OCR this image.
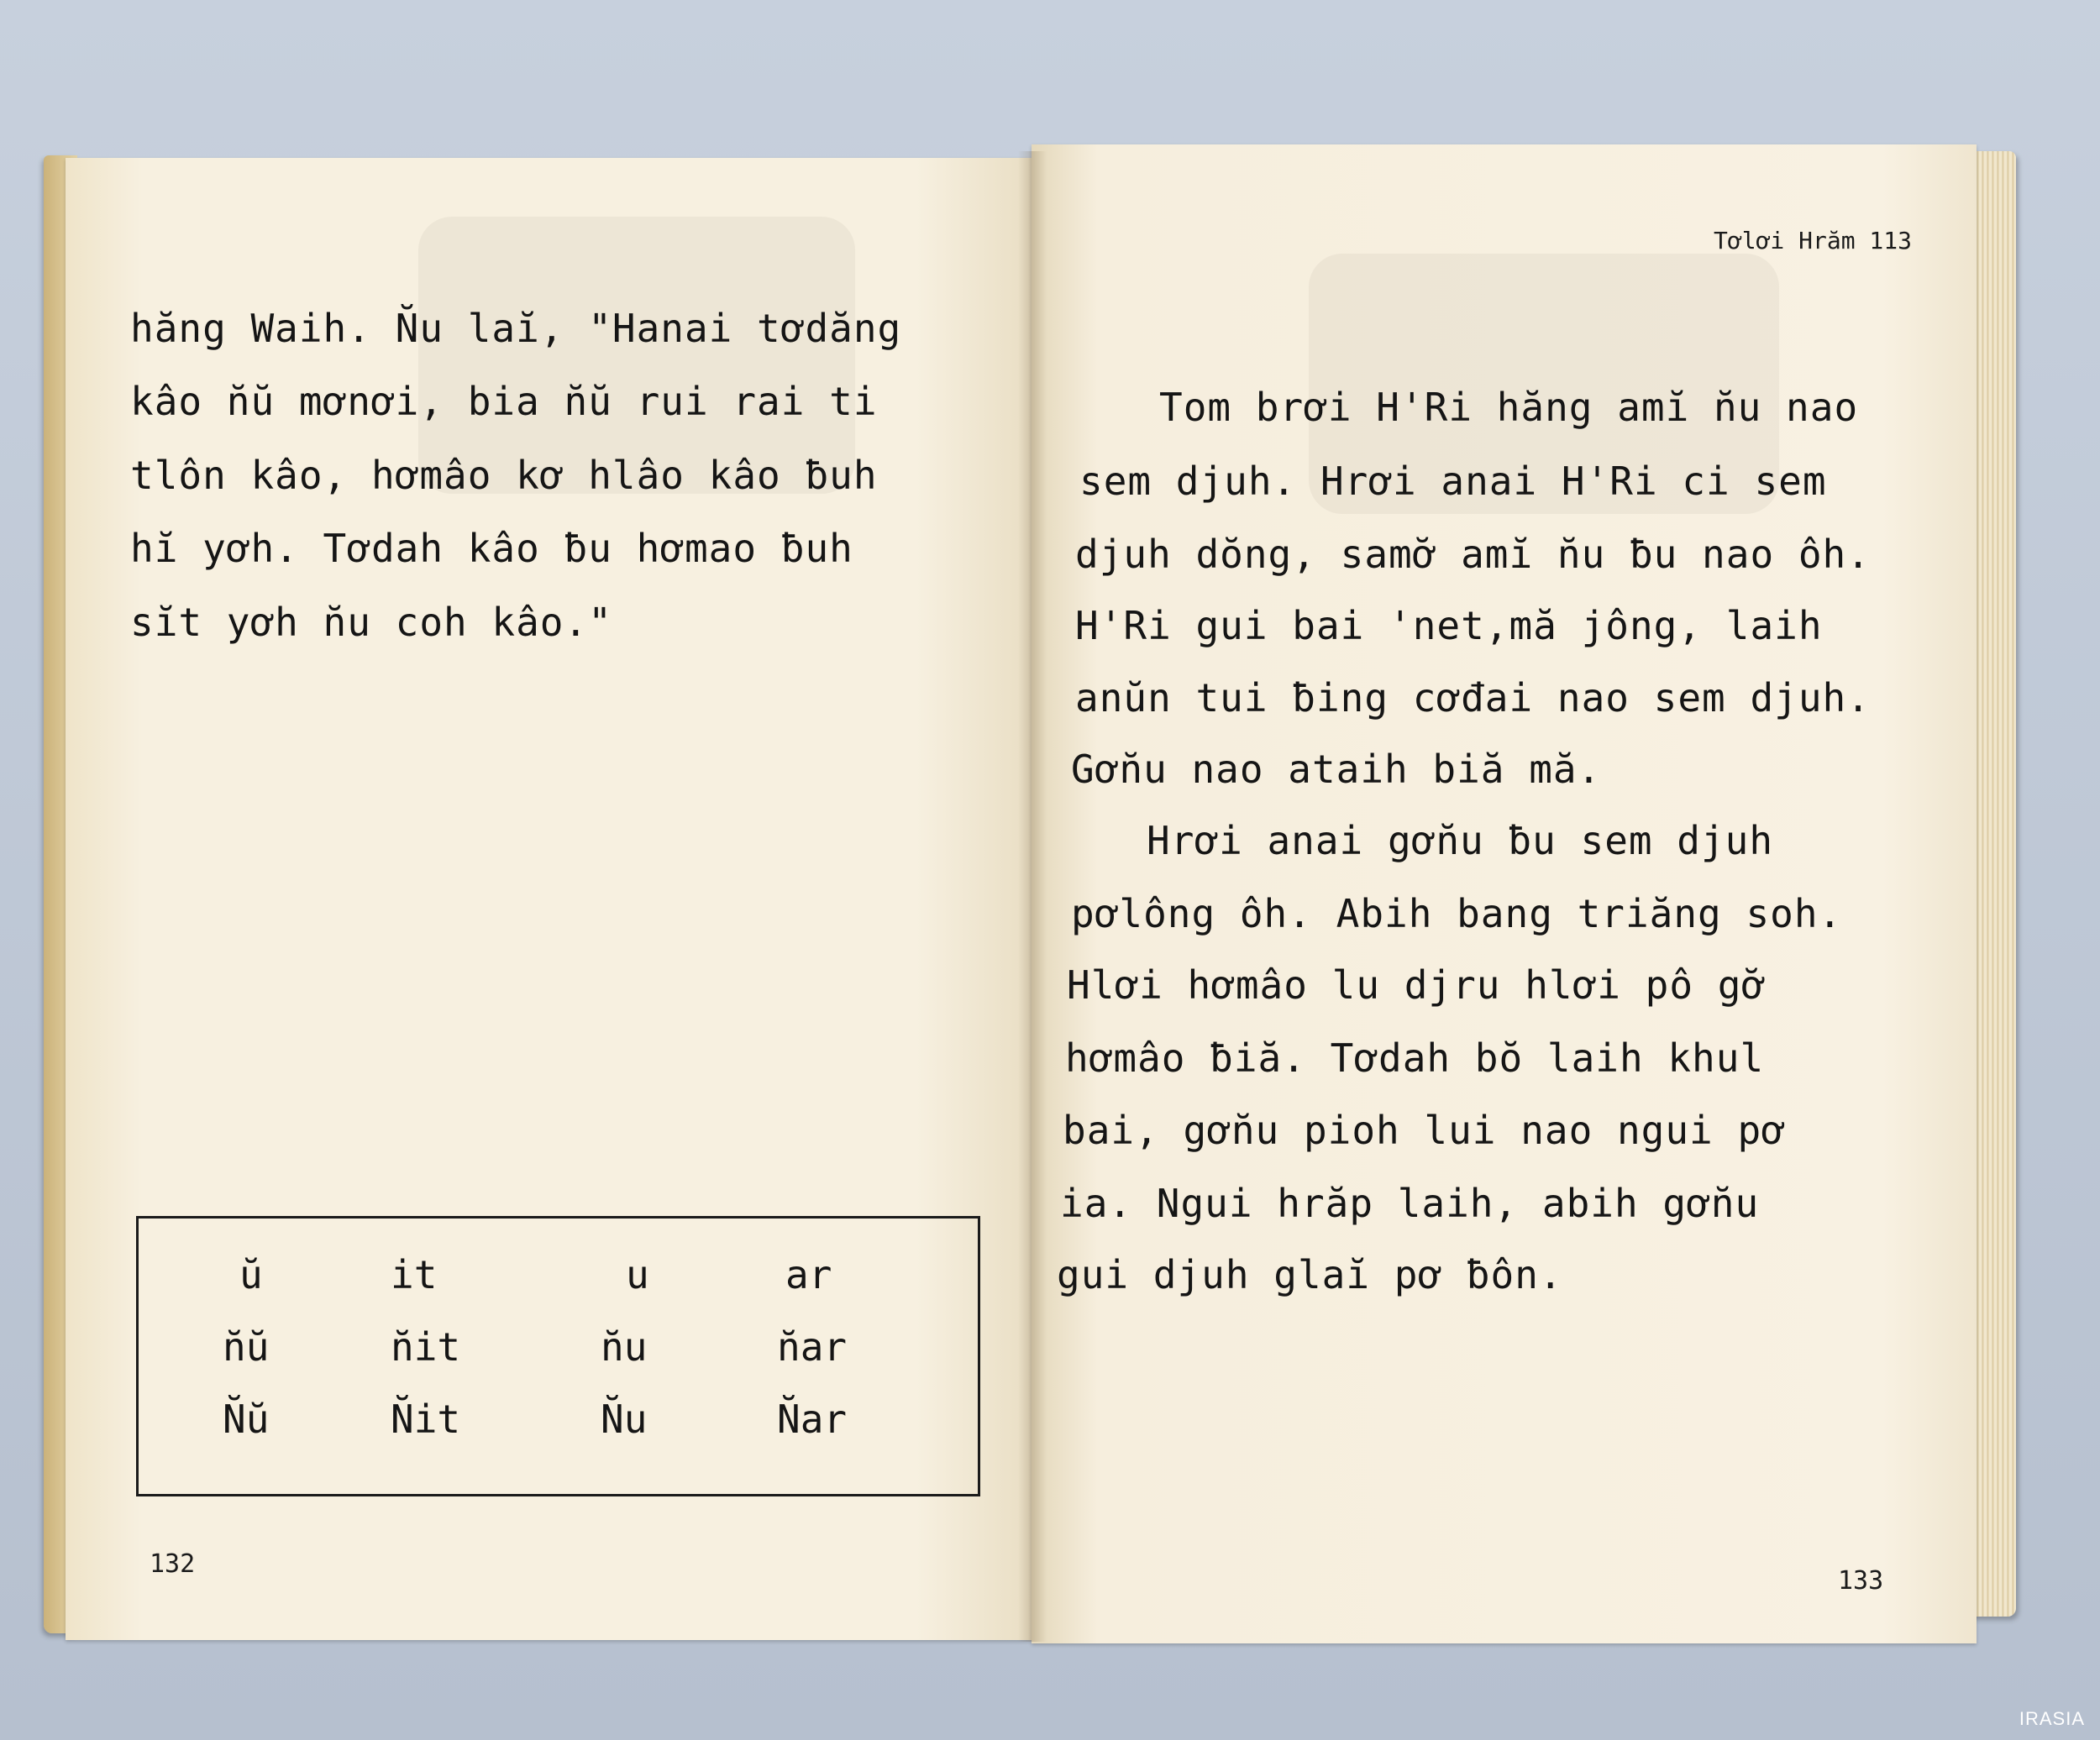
hăng Waih. N̆u laĭ, "Hanai tơdăng
kâo n̆ŭ mơnơi, bia n̆ŭ rui rai ti
tlôn kâo, hơmâo kơ hlâo kâo ƀuh
hĭ yơh. Tơdah kâo ƀu hơmao ƀuh
sĭt yơh n̆u coh kâo."
ŭ	it	u	ar
n̆ŭ	n̆it	n̆u	n̆ar
N̆ŭ	N̆it	N̆u	N̆ar
132
Tơlơi Hrăm 113
Tom brơi H'Ri hăng amĭ n̆u nao
sem djuh. Hrơi anai H'Ri ci sem
djuh dŏng, samơ̆ amĭ n̆u ƀu nao ôh.
H'Ri gui bai 'net,mă jông, laih
anŭn tui ƀing cơđai nao sem djuh.
Gơn̆u nao ataih biă mă.
Hrơi anai gơn̆u ƀu sem djuh
pơlông ôh. Abih bang triăng soh.
Hlơi hơmâo lu djru hlơi pô gơ̆
hơmâo ƀiă. Tơdah bŏ laih khul
bai, gơn̆u pioh lui nao ngui pơ
ia. Ngui hrăp laih, abih gơn̆u
gui djuh glaĭ pơ ƀôn.
133
IRASIA
